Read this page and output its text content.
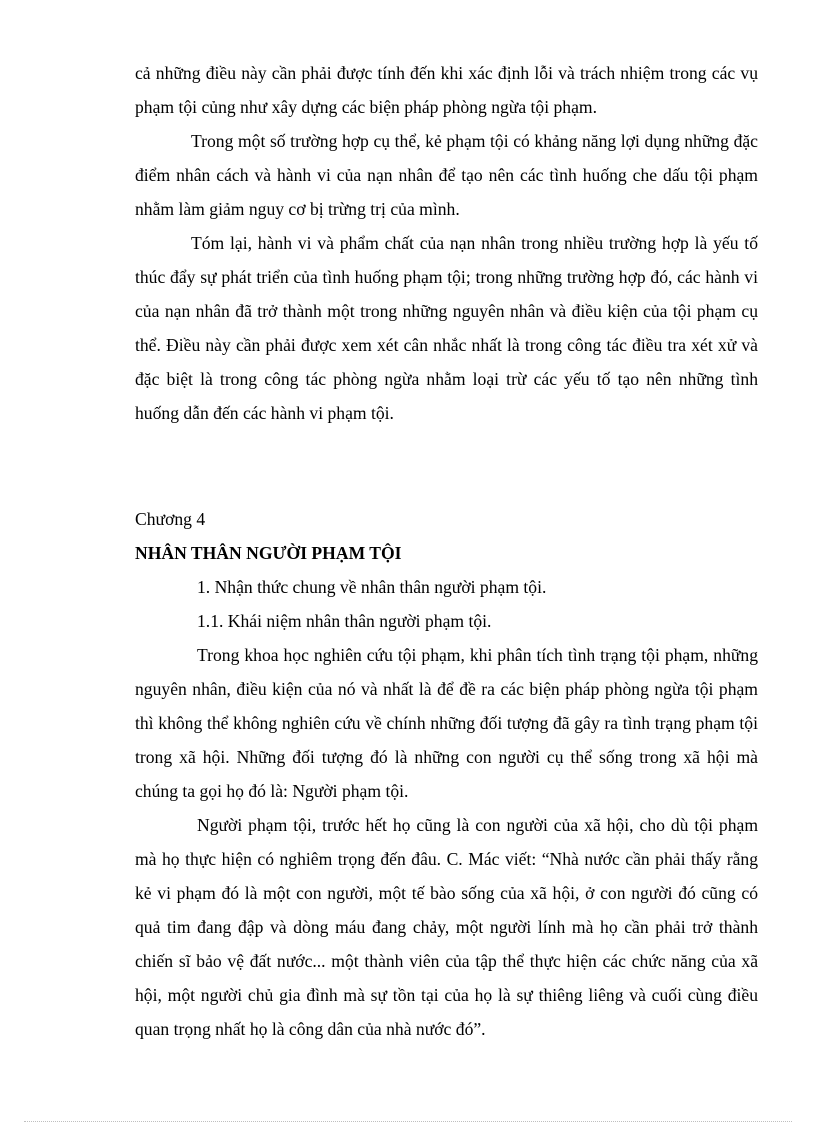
cả những điều này cần phải được tính đến khi xác định lỗi và trách nhiệm trong các vụ phạm tội củng như xây dựng các biện pháp phòng ngừa tội phạm.

Trong một số trường hợp cụ thể, kẻ phạm tội có khảng năng lợi dụng những đặc điểm nhân cách và hành vi của nạn nhân để tạo nên các tình huống che dấu tội phạm nhằm làm giảm nguy cơ bị trừng trị của mình.

Tóm lại, hành vi và phẩm chất của nạn nhân trong nhiều trường hợp là yếu tố thúc đẩy sự phát triển của tình huống phạm tội; trong những trường hợp đó, các hành vi của nạn nhân đã trở thành một trong những nguyên nhân và điều kiện của tội phạm cụ thể. Điều này cần phải được xem xét cân nhắc nhất là trong công tác điều tra xét xử và đặc biệt là trong công tác phòng ngừa nhằm loại trừ các yếu tố tạo nên những tình huống dẫn đến các hành vi phạm tội.

Chương 4

NHÂN THÂN NGƯỜI PHẠM TỘI

1. Nhận thức chung về nhân thân người phạm tội.

1.1. Khái niệm nhân thân người phạm tội.

Trong khoa học nghiên cứu tội phạm, khi phân tích tình trạng tội phạm, những nguyên nhân, điều kiện của nó và nhất là để đề ra các biện pháp phòng ngừa tội phạm thì không thể không nghiên cứu về chính những đối tượng đã gây ra tình trạng phạm tội trong xã hội. Những đối tượng đó là những con người cụ thể sống trong xã hội mà chúng ta gọi họ đó là: Người phạm tội.

Người phạm tội, trước hết họ cũng là con người của xã hội, cho dù tội phạm mà họ thực hiện có nghiêm trọng đến đâu. C. Mác viết: “Nhà nước cần phải thấy rằng kẻ vi phạm đó là một con người, một tế bào sống của xã hội, ở con người đó cũng có quả tim đang đập và dòng máu đang chảy, một người lính mà họ cần phải trở thành chiến sĩ bảo vệ đất nước... một thành viên của tập thể thực hiện các chức năng của xã hội, một người chủ gia đình mà sự tồn tại của họ là sự thiêng liêng và cuối cùng điều quan trọng nhất họ là công dân của nhà nước đó”.
